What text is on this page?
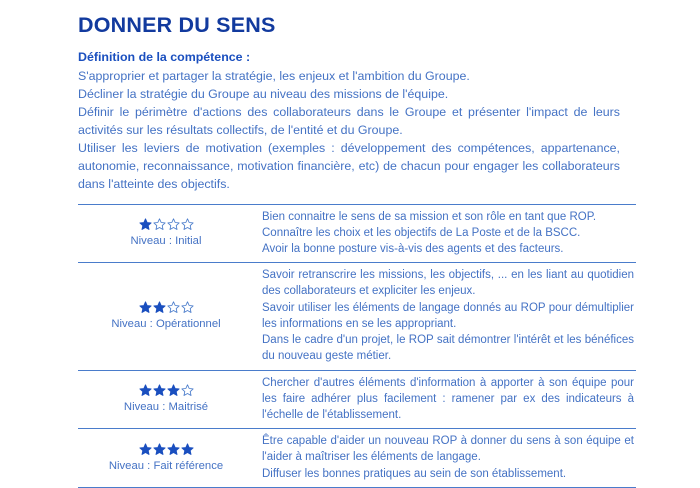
DONNER DU SENS
Définition de la compétence :
S'approprier et partager la stratégie, les enjeux et l'ambition du Groupe.
Décliner la stratégie du Groupe au niveau des missions de l'équipe.
Définir le périmètre d'actions des collaborateurs dans le Groupe et présenter l'impact de leurs activités sur les résultats collectifs, de l'entité et du Groupe.
Utiliser les leviers de motivation (exemples : développement des compétences, appartenance, autonomie, reconnaissance, motivation financière, etc) de chacun pour engager les collaborateurs dans l'atteinte des objectifs.
Niveau : Initial	Bien connaitre le sens de sa mission et son rôle en tant que ROP.
Connaître les choix et les objectifs de La Poste et de la BSCC.
Avoir la bonne posture vis-à-vis des agents et des facteurs.

Niveau : Opérationnel	Savoir retranscrire les missions, les objectifs, ... en les liant au quotidien des collaborateurs et expliciter les enjeux.
Savoir utiliser les éléments de langage donnés au ROP pour démultiplier les informations en se les appropriant.
Dans le cadre d'un projet, le ROP sait démontrer l'intérêt et les bénéfices du nouveau geste métier.

Niveau : Maitrisé	Chercher d'autres éléments d'information à apporter à son équipe pour les faire adhérer plus facilement : ramener par ex des indicateurs à l'échelle de l'établissement.

Niveau : Fait référence	Être capable d'aider un nouveau ROP à donner du sens à son équipe et l'aider à maîtriser les éléments de langage.
Diffuser les bonnes pratiques au sein de son établissement.
